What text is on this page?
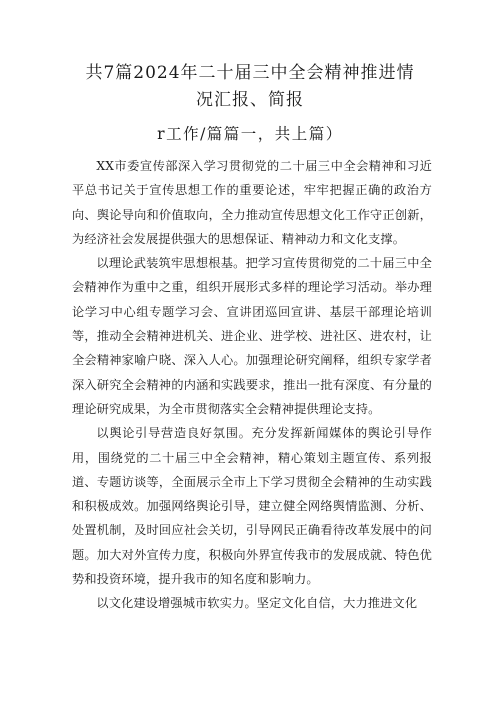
共7篇2024年二十届三中全会精神推进情
况汇报、简报

r工作/篇篇一，共上篇）

XX市委宣传部深入学习贯彻党的二十届三中全会精神和习近平总书记关于宣传思想工作的重要论述，牢牢把握正确的政治方向、舆论导向和价值取向，全力推动宣传思想文化工作守正创新，为经济社会发展提供强大的思想保证、精神动力和文化支撑。

以理论武装筑牢思想根基。把学习宣传贯彻党的二十届三中全会精神作为重中之重，组织开展形式多样的理论学习活动。举办理论学习中心组专题学习会、宣讲团巡回宣讲、基层干部理论培训等，推动全会精神进机关、进企业、进学校、进社区、进农村，让全会精神家喻户晓、深入人心。加强理论研究阐释，组织专家学者深入研究全会精神的内涵和实践要求，推出一批有深度、有分量的理论研究成果，为全市贯彻落实全会精神提供理论支持。

以舆论引导营造良好氛围。充分发挥新闻媒体的舆论引导作用，围绕党的二十届三中全会精神，精心策划主题宣传、系列报道、专题访谈等，全面展示全市上下学习贯彻全会精神的生动实践和积极成效。加强网络舆论引导，建立健全网络舆情监测、分析、处置机制，及时回应社会关切，引导网民正确看待改革发展中的问题。加大对外宣传力度，积极向外界宣传我市的发展成就、特色优势和投资环境，提升我市的知名度和影响力。

以文化建设增强城市软实力。坚定文化自信，大力推进文化
